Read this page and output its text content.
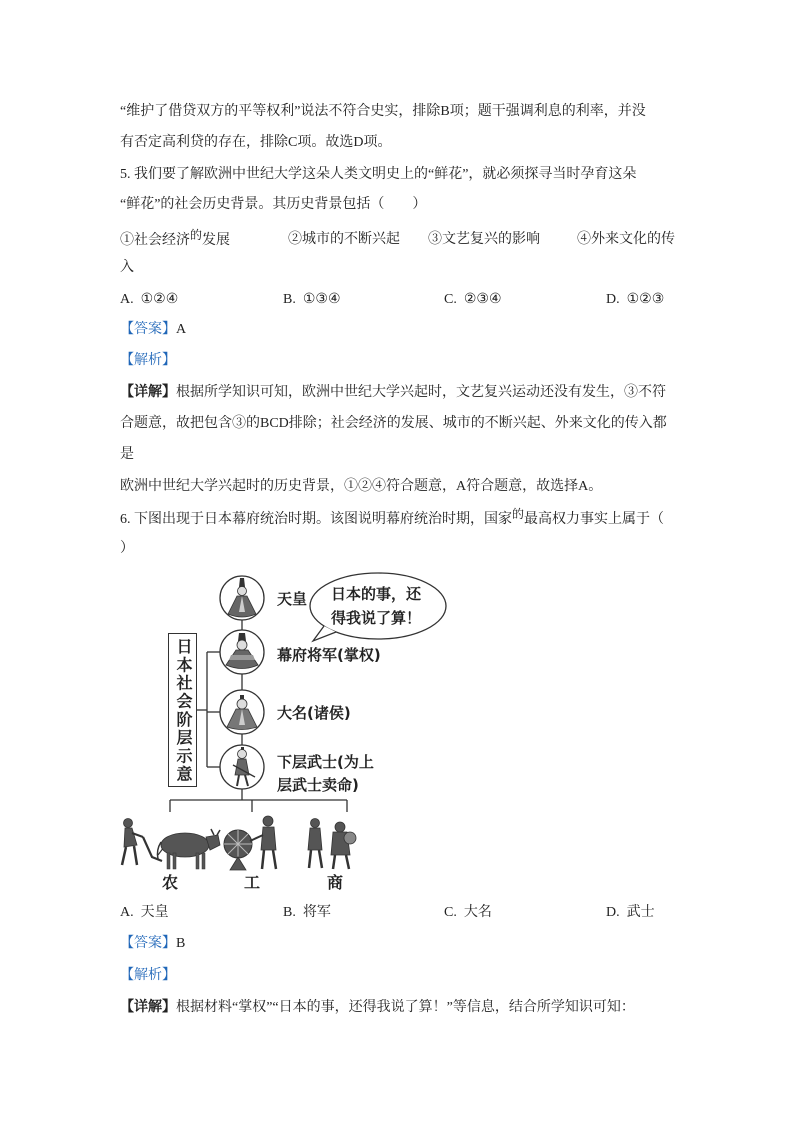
“维护了借贷双方的平等权利”说法不符合史实，排除B项；题干强调利息的利率，并没
有否定高利贷的存在，排除C项。故选D项。
5. 我们要了解欧洲中世纪大学这朵人类文明史上的“鲜花”，就必须探寻当时孕育这朵
“鲜花”的社会历史背景。其历史背景包括（　　）
①社会经济的发展	②城市的不断兴起 ③文艺复兴的影响	④外来文化的传
入
A. ①②④	B. ①③④	C. ②③④	D. ①②③
【答案】A
【解析】
【详解】根据所学知识可知，欧洲中世纪大学兴起时，文艺复兴运动还没有发生，③不符
合题意，故把包含③的BCD排除；社会经济的发展、城市的不断兴起、外来文化的传入都
是
欧洲中世纪大学兴起时的历史背景，①②④符合题意，A符合题意，故选择A。
6. 下图出现于日本幕府统治时期。该图说明幕府统治时期，国家的最高权力事实上属于（
）
天皇
幕府将军(掌权)
大名(诸侯)
下层武士(为上
层武士卖命)
日本的事，还
得我说了算！
农	工	商
日本社会阶层示意
A. 天皇	B. 将军	C. 大名	D. 武士
【答案】B
【解析】
【详解】根据材料“掌权”“日本的事，还得我说了算！”等信息，结合所学知识可知：
